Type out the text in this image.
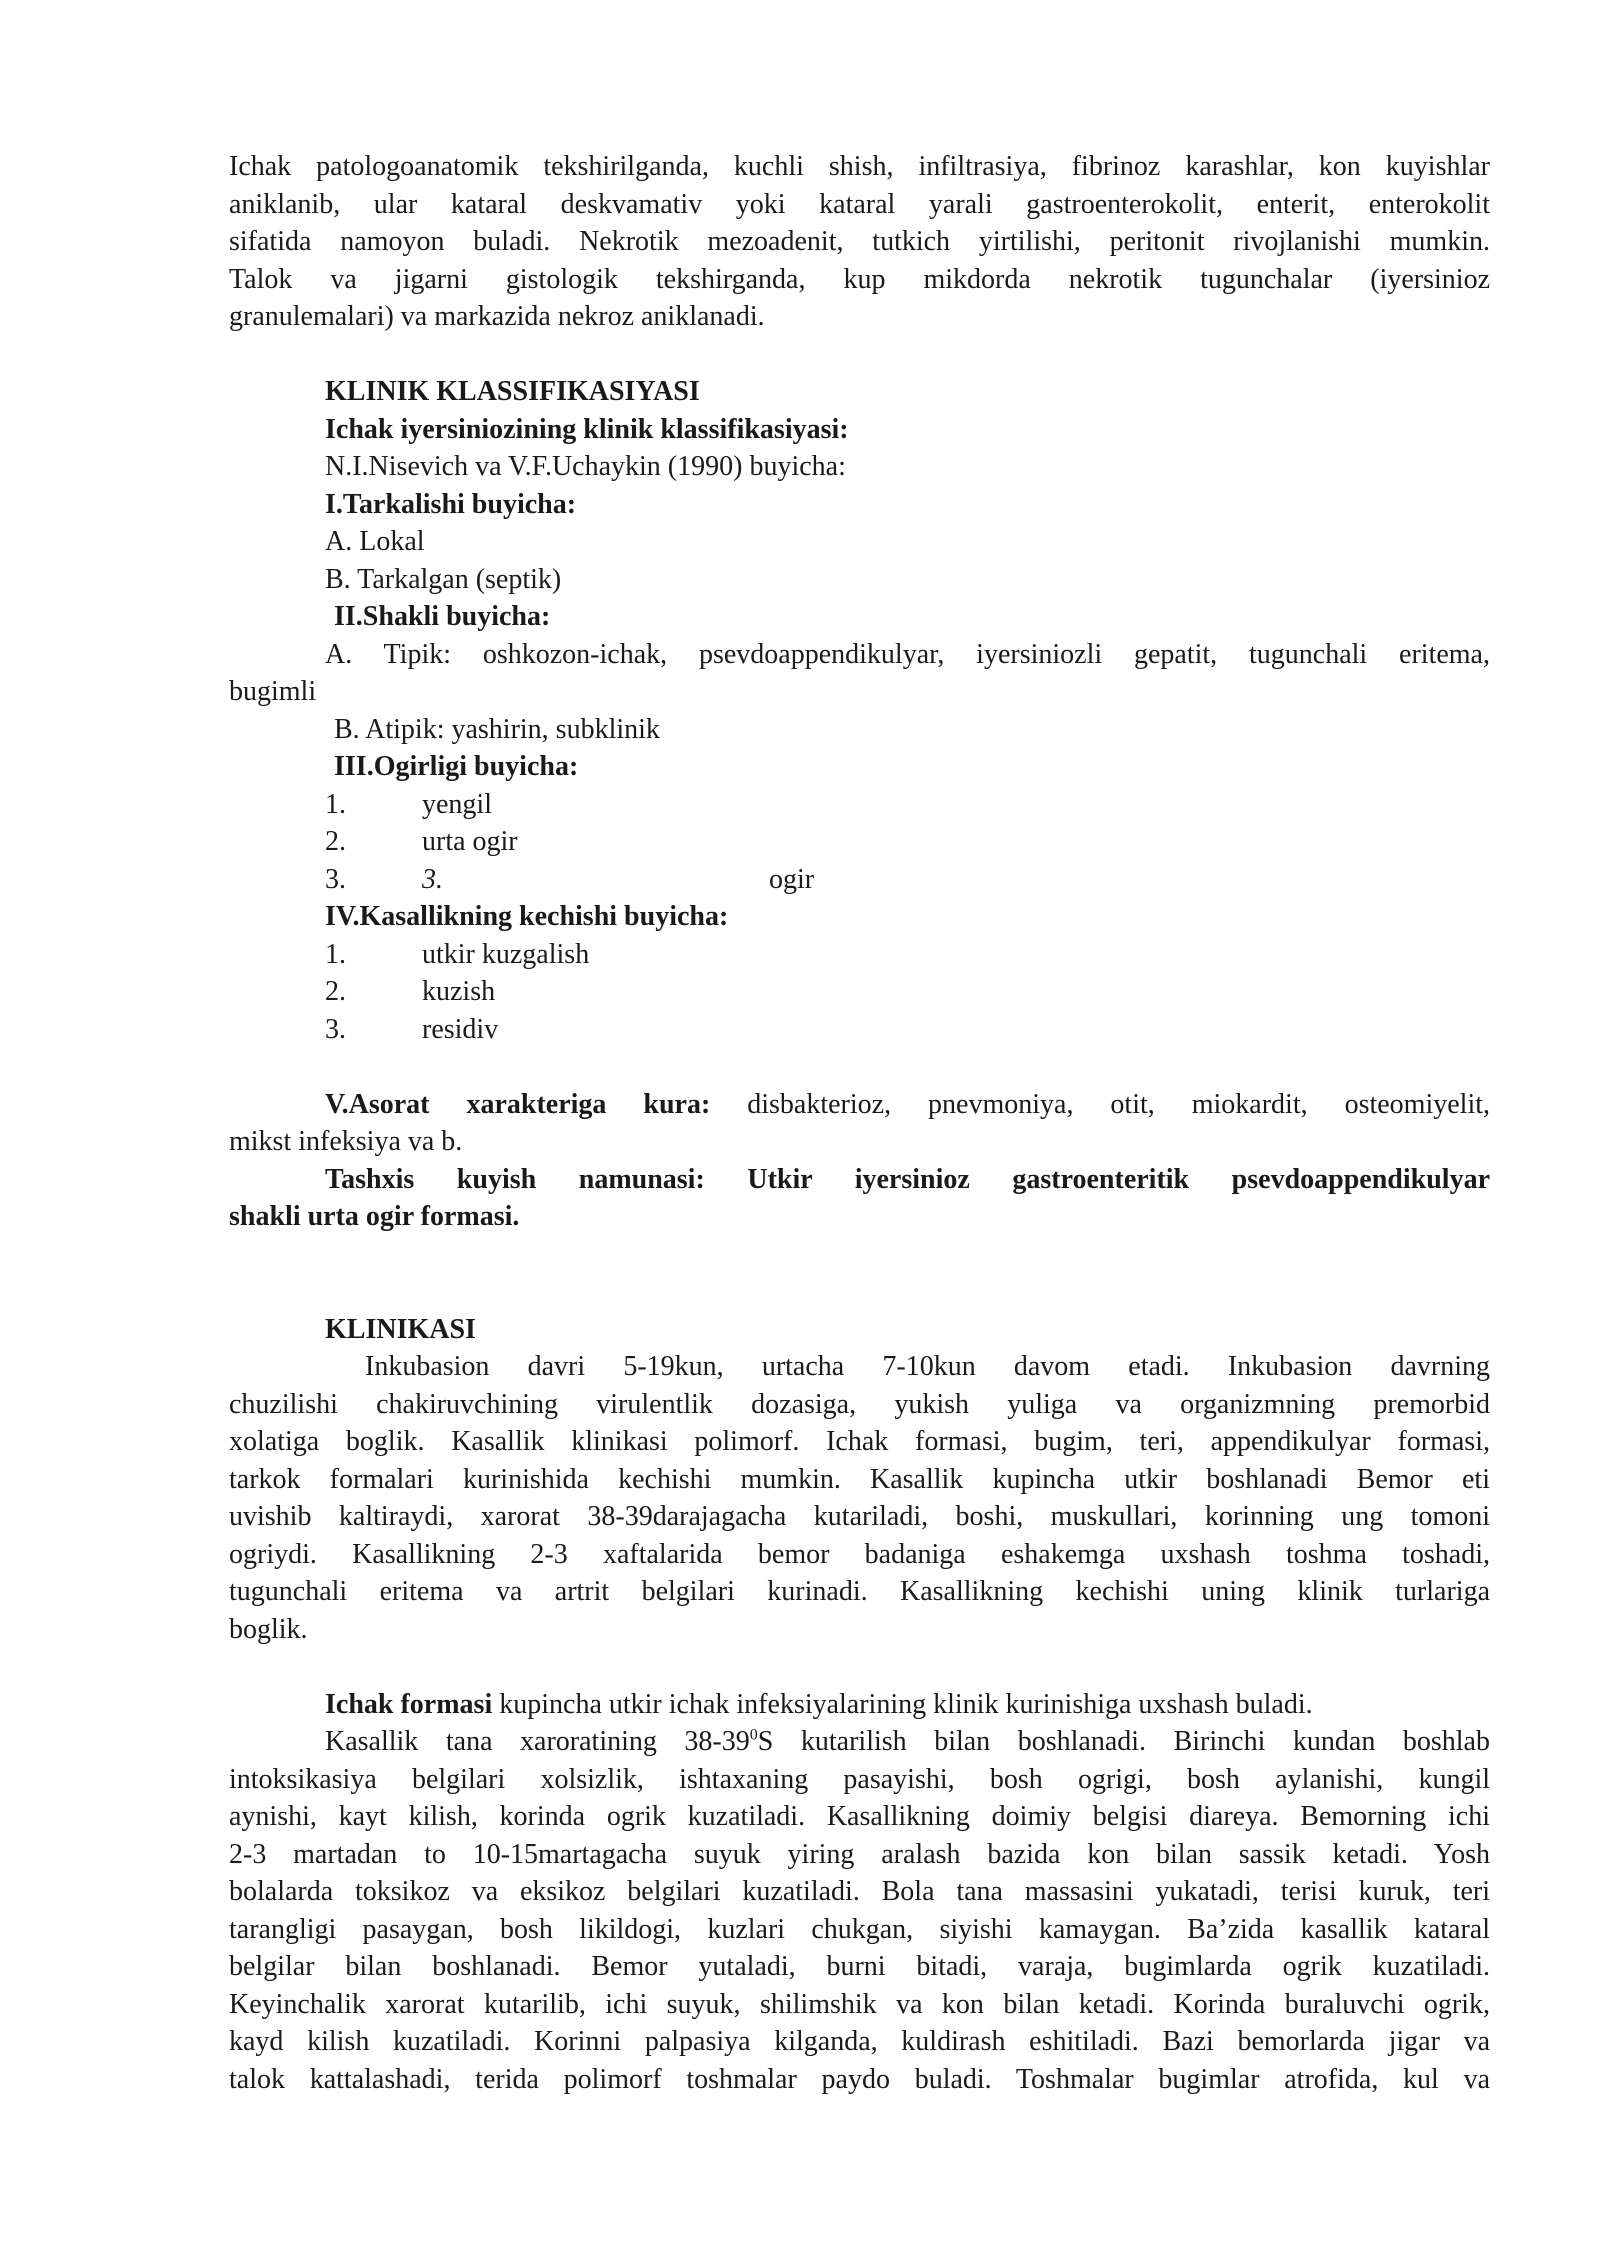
Ichak patologoanatomik tekshirilganda, kuchli shish, infiltrasiya, fibrinoz karashlar, kon kuyishlar

aniklanib, ular kataral deskvamativ yoki kataral yarali gastroenterokolit, enterit, enterokolit

sifatida namoyon buladi. Nekrotik mezoadenit, tutkich yirtilishi, peritonit rivojlanishi mumkin.

Talok va jigarni gistologik tekshirganda, kup mikdorda nekrotik tugunchalar (iyersinioz

granulemalari) va markazida nekroz aniklanadi.

KLINIK KLASSIFIKASIYASI

Ichak iyersiniozining klinik klassifikasiyasi:

N.I.Nisevich va V.F.Uchaykin (1990) buyicha:

I.Tarkalishi buyicha:

A. Lokal

B. Tarkalgan (septik)

II.Shakli buyicha:

A. Tipik: oshkozon-ichak, psevdoappendikulyar, iyersiniozli gepatit, tugunchali eritema,

bugimli

B. Atipik: yashirin, subklinik

III.Ogirligi buyicha:

1.	yengil
2.	urta ogir
3.	3.	ogir

IV.Kasallikning kechishi buyicha:

1.	utkir kuzgalish
2.	kuzish
3.	residiv

V.Asorat xarakteriga kura: disbakterioz, pnevmoniya, otit, miokardit, osteomiyelit,

mikst infeksiya va b.

Tashxis kuyish namunasi: Utkir iyersinioz gastroenteritik psevdoappendikulyar

shakli urta ogir formasi.

KLINIKASI

Inkubasion davri 5-19kun, urtacha 7-10kun davom etadi. Inkubasion davrning

chuzilishi chakiruvchining virulentlik dozasiga, yukish yuliga va organizmning premorbid

xolatiga boglik. Kasallik klinikasi polimorf. Ichak formasi, bugim, teri, appendikulyar formasi,

tarkok formalari kurinishida kechishi mumkin. Kasallik kupincha utkir boshlanadi Bemor eti

uvishib kaltiraydi, xarorat 38-39darajagacha kutariladi, boshi, muskullari, korinning ung tomoni

ogriydi. Kasallikning 2-3 xaftalarida bemor badaniga eshakemga uxshash toshma toshadi,

tugunchali eritema va artrit belgilari kurinadi. Kasallikning kechishi uning klinik turlariga

boglik.

Ichak formasi kupincha utkir ichak infeksiyalarining klinik kurinishiga uxshash buladi.

Kasallik tana xaroratining $38-39^0S$ kutarilish bilan boshlanadi. Birinchi kundan boshlab

intoksikasiya belgilari xolsizlik, ishtaxaning pasayishi, bosh ogrigi, bosh aylanishi, kungil

aynishi, kayt kilish, korinda ogrik kuzatiladi. Kasallikning doimiy belgisi diareya. Bemorning ichi

2-3 martadan to 10-15martagacha suyuk yiring aralash bazida kon bilan sassik ketadi. Yosh

bolalarda toksikoz va eksikoz belgilari kuzatiladi. Bola tana massasini yukatadi, terisi kuruk, teri

tarangligi pasaygan, bosh likildogi, kuzlari chukgan, siyishi kamaygan. Ba’zida kasallik kataral

belgilar bilan boshlanadi. Bemor yutaladi, burni bitadi, varaja, bugimlarda ogrik kuzatiladi.

Keyinchalik xarorat kutarilib, ichi suyuk, shilimshik va kon bilan ketadi. Korinda buraluvchi ogrik,

kayd kilish kuzatiladi. Korinni palpasiya kilganda, kuldirash eshitiladi. Bazi bemorlarda jigar va

talok kattalashadi, terida polimorf toshmalar paydo buladi. Toshmalar bugimlar atrofida, kul va
